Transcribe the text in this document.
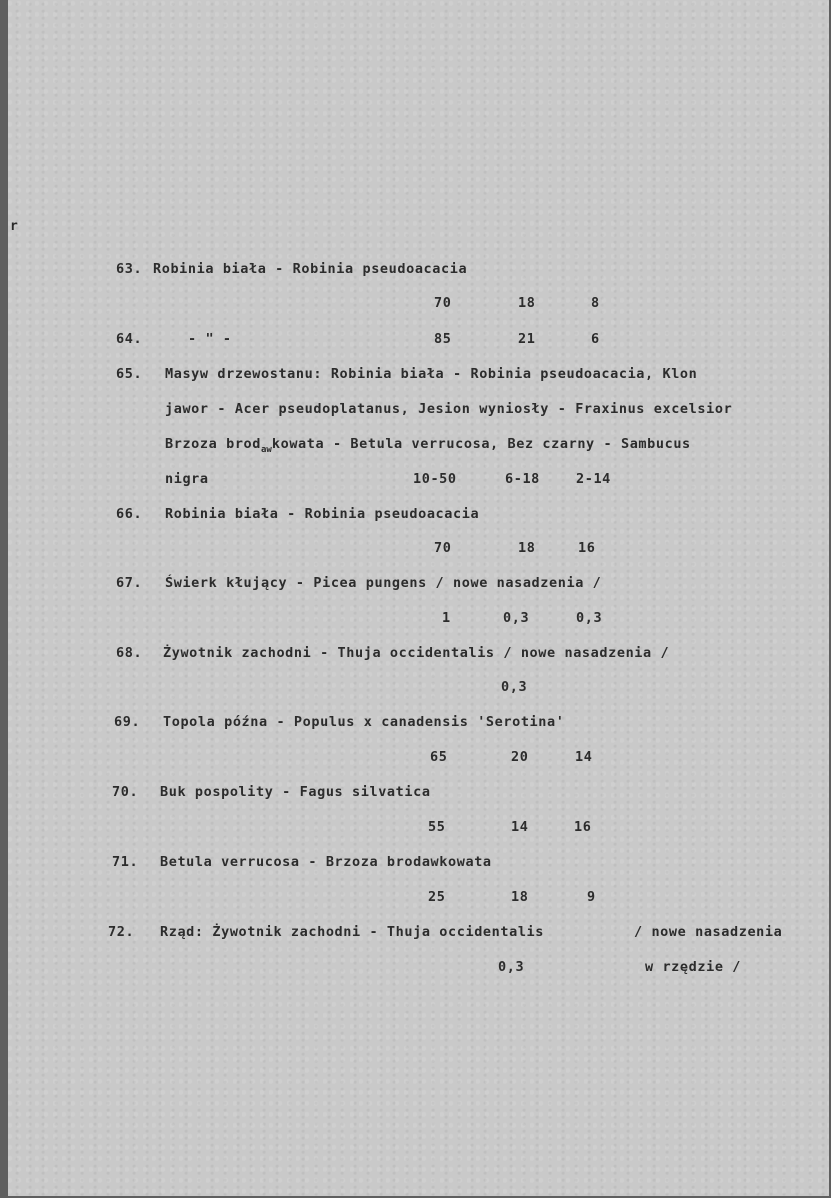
r
63. Robinia biała - Robinia pseudoacacia
70	18	8
64.	- " -	85	21	6
65. Masyw drzewostanu: Robinia biała - Robinia pseudoacacia, Klon
jawor - Acer pseudoplatanus, Jesion wyniosły - Fraxinus excelsior
Brzoza brod$_{aw}$kowata - Betula verrucosa, Bez czarny - Sambucus
nigra	10-50	6-18	2-14
66. Robinia biała - Robinia pseudoacacia
70	18	16
67. Świerk kłujący - Picea pungens / nowe nasadzenia /
1	0,3	0,3
68. Żywotnik zachodni - Thuja occidentalis / nowe nasadzenia /
0,3
69. Topola późna - Populus x canadensis 'Serotina'
65	20	14
70. Buk pospolity - Fagus silvatica
55	14	16
71. Betula verrucosa - Brzoza brodawkowata
25	18	9
72. Rząd: Żywotnik zachodni - Thuja occidentalis	/ nowe nasadzenia
0,3	w rzędzie /
